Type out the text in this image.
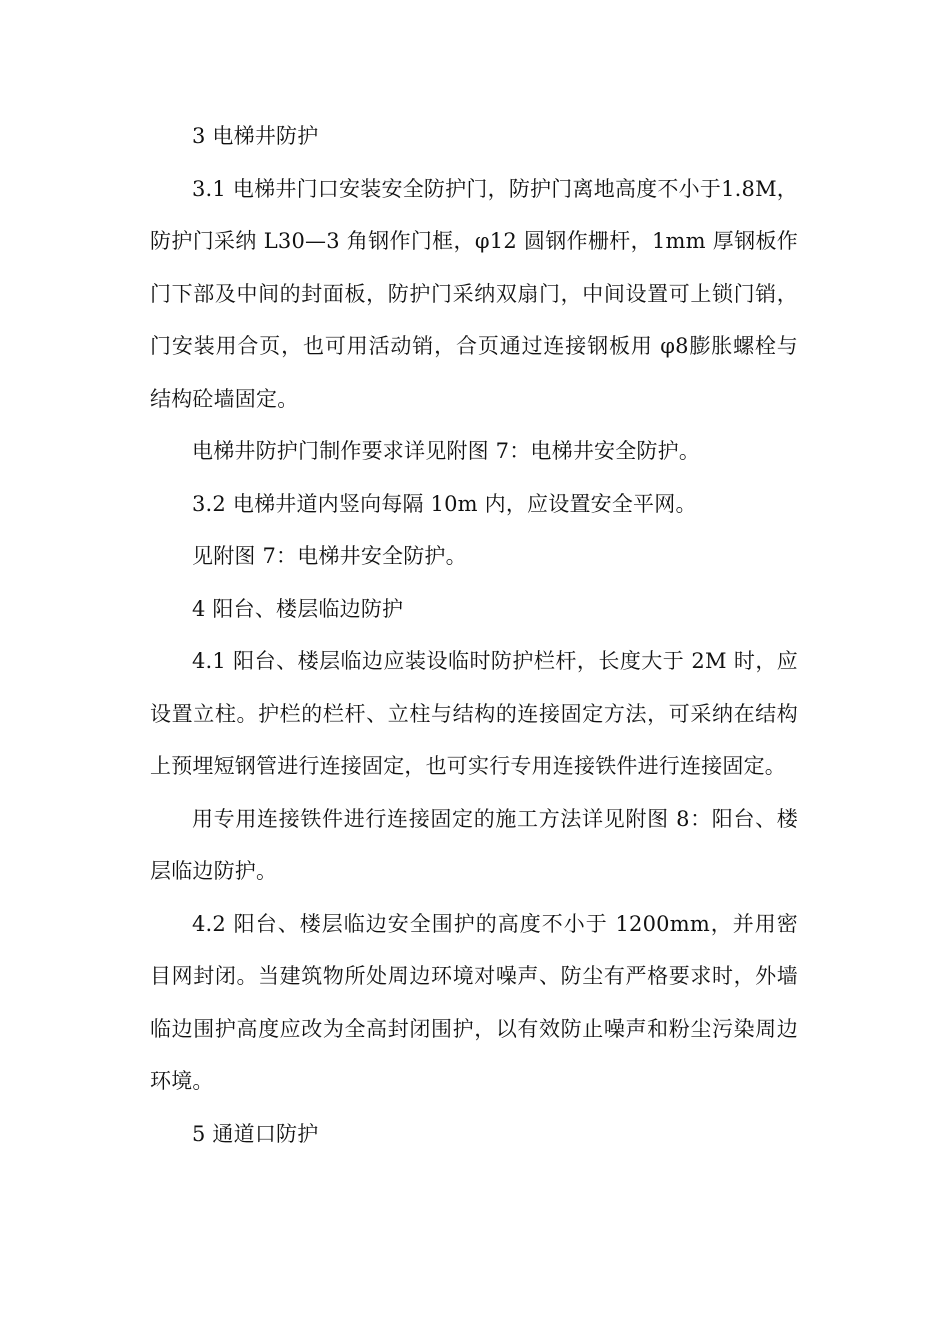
3 电梯井防护

3.1 电梯井门口安装安全防护门，防护门离地高度不小于1.8M，防护门采纳 L30—3 角钢作门框，φ12 圆钢作栅杆，1mm 厚钢板作门下部及中间的封面板，防护门采纳双扇门，中间设置可上锁门销，门安装用合页，也可用活动销，合页通过连接钢板用 φ8膨胀螺栓与结构砼墙固定。

电梯井防护门制作要求详见附图 7：电梯井安全防护。

3.2 电梯井道内竖向每隔 10m 内，应设置安全平网。

见附图 7：电梯井安全防护。

4 阳台、楼层临边防护

4.1 阳台、楼层临边应装设临时防护栏杆，长度大于 2M 时，应设置立柱。护栏的栏杆、立柱与结构的连接固定方法，可采纳在结构上预埋短钢管进行连接固定，也可实行专用连接铁件进行连接固定。

用专用连接铁件进行连接固定的施工方法详见附图 8：阳台、楼层临边防护。

4.2 阳台、楼层临边安全围护的高度不小于 1200mm，并用密目网封闭。当建筑物所处周边环境对噪声、防尘有严格要求时，外墙临边围护高度应改为全高封闭围护，以有效防止噪声和粉尘污染周边环境。

5 通道口防护
